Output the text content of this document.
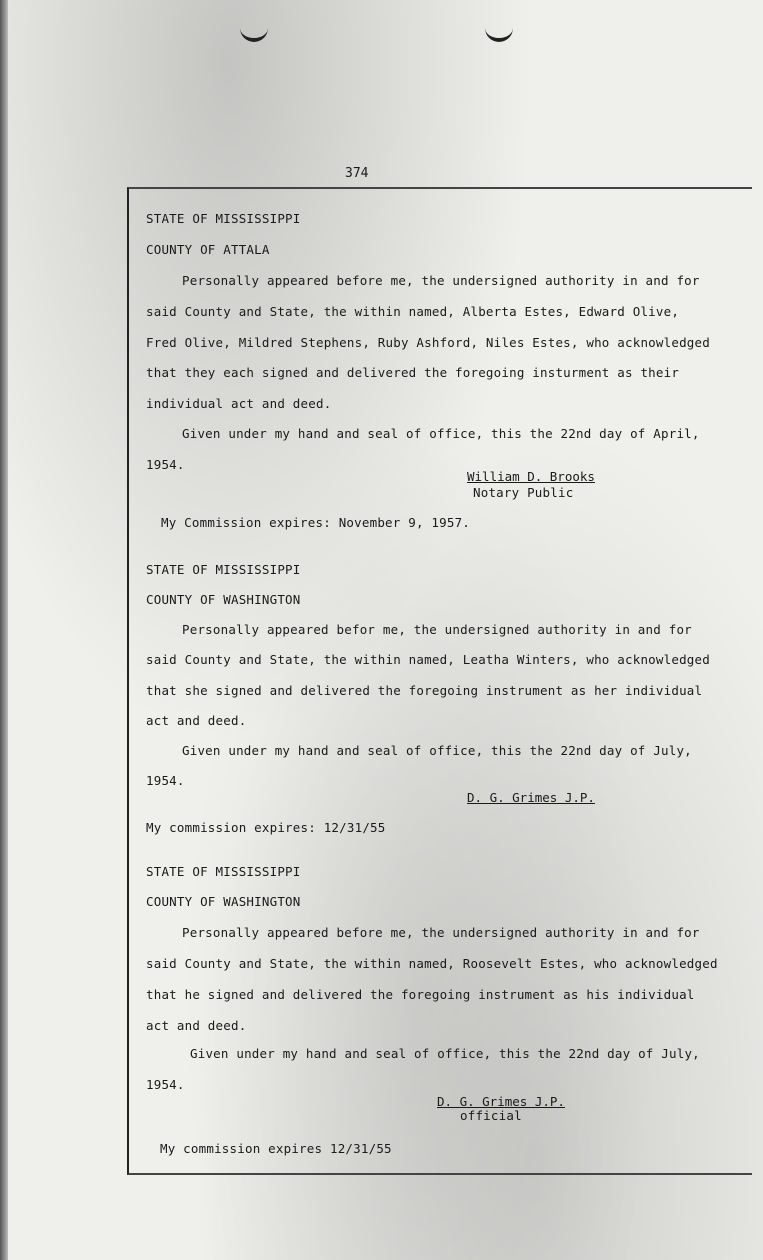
374
STATE OF MISSISSIPPI
COUNTY OF ATTALA
Personally appeared before me, the undersigned authority in and for
said County and State, the within named, Alberta Estes, Edward Olive,
Fred Olive, Mildred Stephens, Ruby Ashford, Niles Estes, who acknowledged
that they each signed and delivered the foregoing insturment as their
individual act and deed.
Given under my hand and seal of office, this the 22nd day of April,
1954.
William D. Brooks
Notary Public
My Commission expires: November 9, 1957.
STATE OF MISSISSIPPI
COUNTY OF WASHINGTON
Personally appeared befor me, the undersigned authority in and for
said County and State, the within named, Leatha Winters, who acknowledged
that she signed and delivered the foregoing instrument as her individual
act and deed.
Given under my hand and seal of office, this the 22nd day of July,
1954.
D. G. Grimes J.P.
My commission expires: 12/31/55
STATE OF MISSISSIPPI
COUNTY OF WASHINGTON
Personally appeared before me, the undersigned authority in and for
said County and State, the within named, Roosevelt Estes, who acknowledged
that he signed and delivered the foregoing instrument as his individual
act and deed.
Given under my hand and seal of office, this the 22nd day of July,
1954.
D. G. Grimes J.P.
official
My commission expires 12/31/55
